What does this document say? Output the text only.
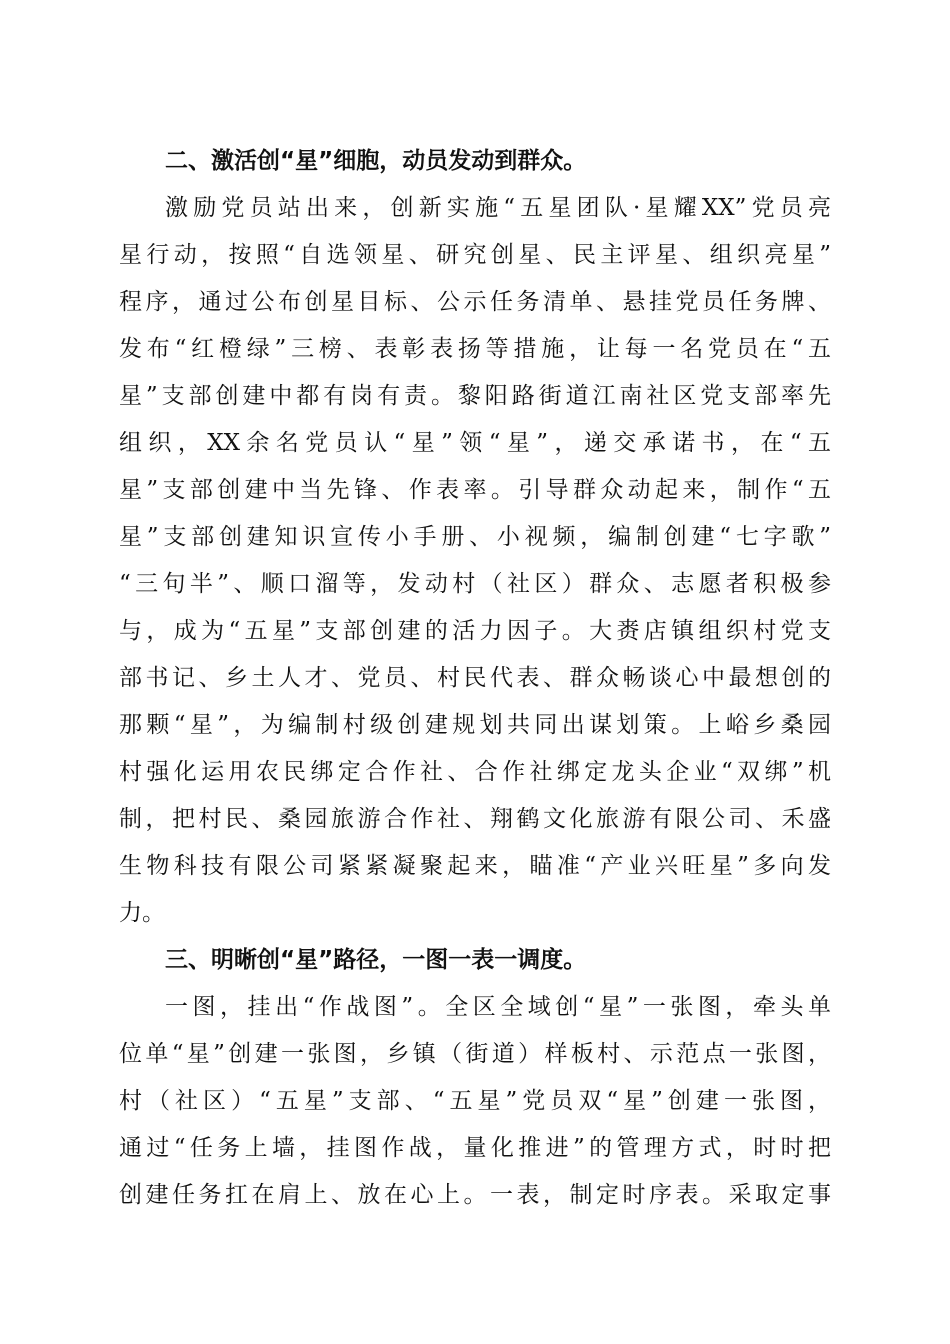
二、激活创“星”细胞，动员发动到群众。
激励党员站出来，创新实施“五星团队·星耀XX”党员亮
星行动，按照“自选领星、研究创星、民主评星、组织亮星”
程序，通过公布创星目标、公示任务清单、悬挂党员任务牌、
发布“红橙绿”三榜、表彰表扬等措施，让每一名党员在“五
星”支部创建中都有岗有责。黎阳路街道江南社区党支部率先
组织，XX余名党员认“星”领“星”，递交承诺书，在“五
星”支部创建中当先锋、作表率。引导群众动起来，制作“五
星”支部创建知识宣传小手册、小视频，编制创建“七字歌”
“三句半”、顺口溜等，发动村（社区）群众、志愿者积极参
与，成为“五星”支部创建的活力因子。大赉店镇组织村党支
部书记、乡土人才、党员、村民代表、群众畅谈心中最想创的
那颗“星”，为编制村级创建规划共同出谋划策。上峪乡桑园
村强化运用农民绑定合作社、合作社绑定龙头企业“双绑”机
制，把村民、桑园旅游合作社、翔鹤文化旅游有限公司、禾盛
生物科技有限公司紧紧凝聚起来，瞄准“产业兴旺星”多向发
力。
三、明晰创“星”路径，一图一表一调度。
一图，挂出“作战图”。全区全域创“星”一张图，牵头单
位单“星”创建一张图，乡镇（街道）样板村、示范点一张图，
村（社区）“五星”支部、“五星”党员双“星”创建一张图，
通过“任务上墙，挂图作战，量化推进”的管理方式，时时把
创建任务扛在肩上、放在心上。一表，制定时序表。采取定事
